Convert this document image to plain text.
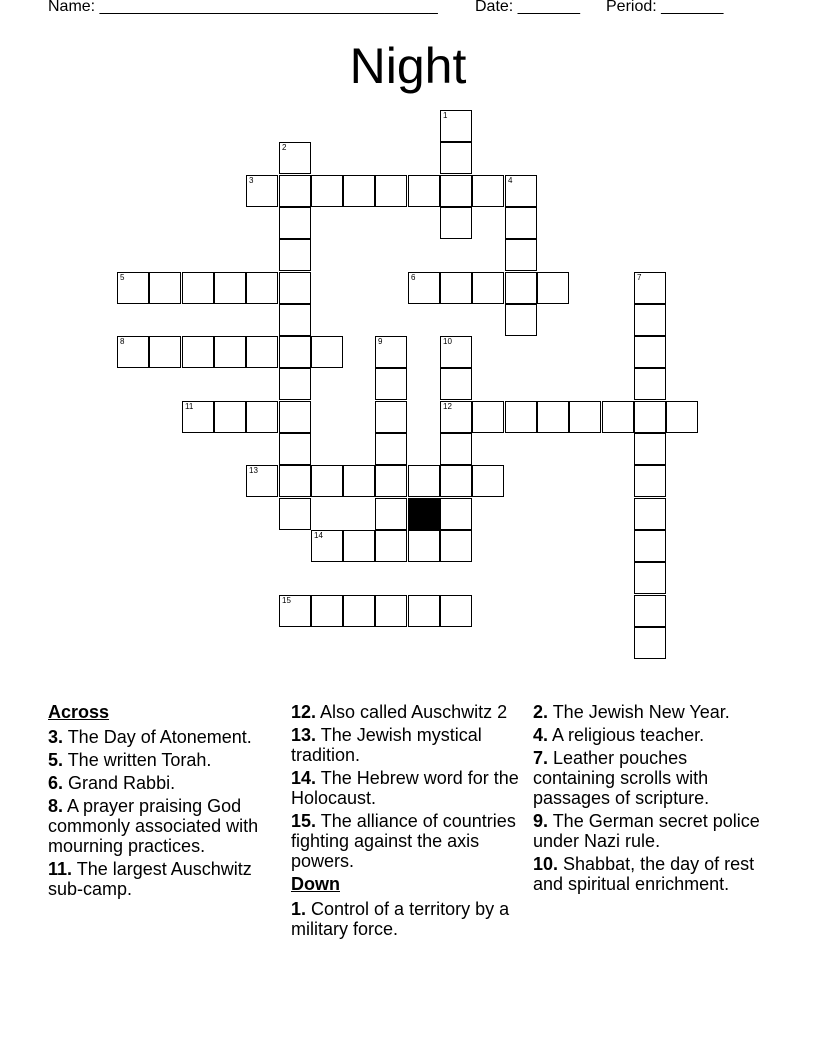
Name: ______________________________________ Date: _______ Period: _______
Night
1
2
3	4
5	6	7
8	9	10
11	12
13
14
15
Across
3. The Day of Atonement.
5. The written Torah.
6. Grand Rabbi.
8. A prayer praising God commonly associated with mourning practices.
11. The largest Auschwitz sub-camp.
12. Also called Auschwitz 2
13. The Jewish mystical tradition.
14. The Hebrew word for the Holocaust.
15. The alliance of countries fighting against the axis powers.
Down
1. Control of a territory by a military force.
2. The Jewish New Year.
4. A religious teacher.
7. Leather pouches containing scrolls with passages of scripture.
9. The German secret police under Nazi rule.
10. Shabbat, the day of rest and spiritual enrichment.
